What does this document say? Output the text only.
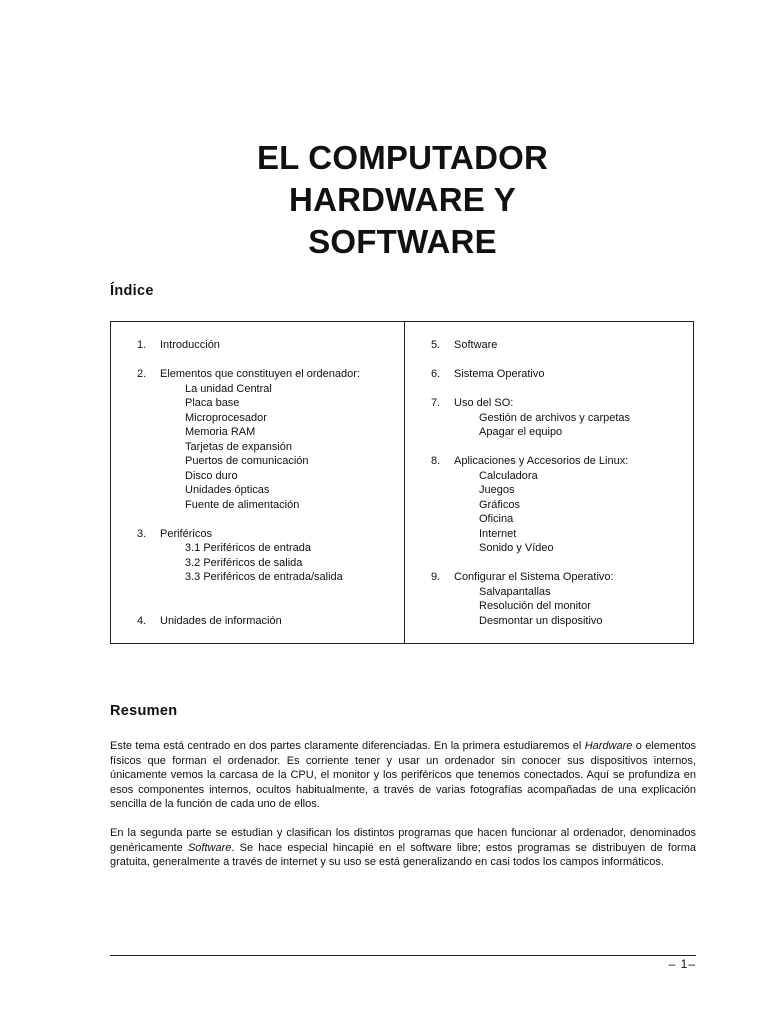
EL COMPUTADOR
HARDWARE Y
SOFTWARE
Índice
1. Introducción
2. Elementos que constituyen el ordenador:
La unidad Central
Placa base
Microprocesador
Memoria RAM
Tarjetas de expansión
Puertos de comunicación
Disco duro
Unidades ópticas
Fuente de alimentación
3. Periféricos
3.1 Periféricos de entrada
3.2 Periféricos de salida
3.3 Periféricos de entrada/salida
4. Unidades de información
5. Software
6. Sistema Operativo
7. Uso del SO:
Gestión de archivos y carpetas
Apagar el equipo
8. Aplicaciones y Accesorios de Linux:
Calculadora
Juegos
Gráficos
Oficina
Internet
Sonido y Vídeo
9. Configurar el Sistema Operativo:
Salvapantallas
Resolución del monitor
Desmontar un dispositivo
Resumen
Este tema está centrado en dos partes claramente diferenciadas. En la primera estudiaremos el Hardware o elementos físicos que forman el ordenador. Es corriente tener y usar un ordenador sin conocer sus dispositivos internos, únicamente vemos la carcasa de la CPU, el monitor y los periféricos que tenemos conectados. Aquí se profundiza en esos componentes internos, ocultos habitualmente, a través de varias fotografías acompañadas de una explicación sencilla de la función de cada uno de ellos.
En la segunda parte se estudian y clasifican los distintos programas que hacen funcionar al ordenador, denominados genéricamente Software. Se hace especial hincapié en el software libre; estos programas se distribuyen de forma gratuita, generalmente a través de internet y su uso se está generalizando en casi todos los campos informáticos.
– 1–
